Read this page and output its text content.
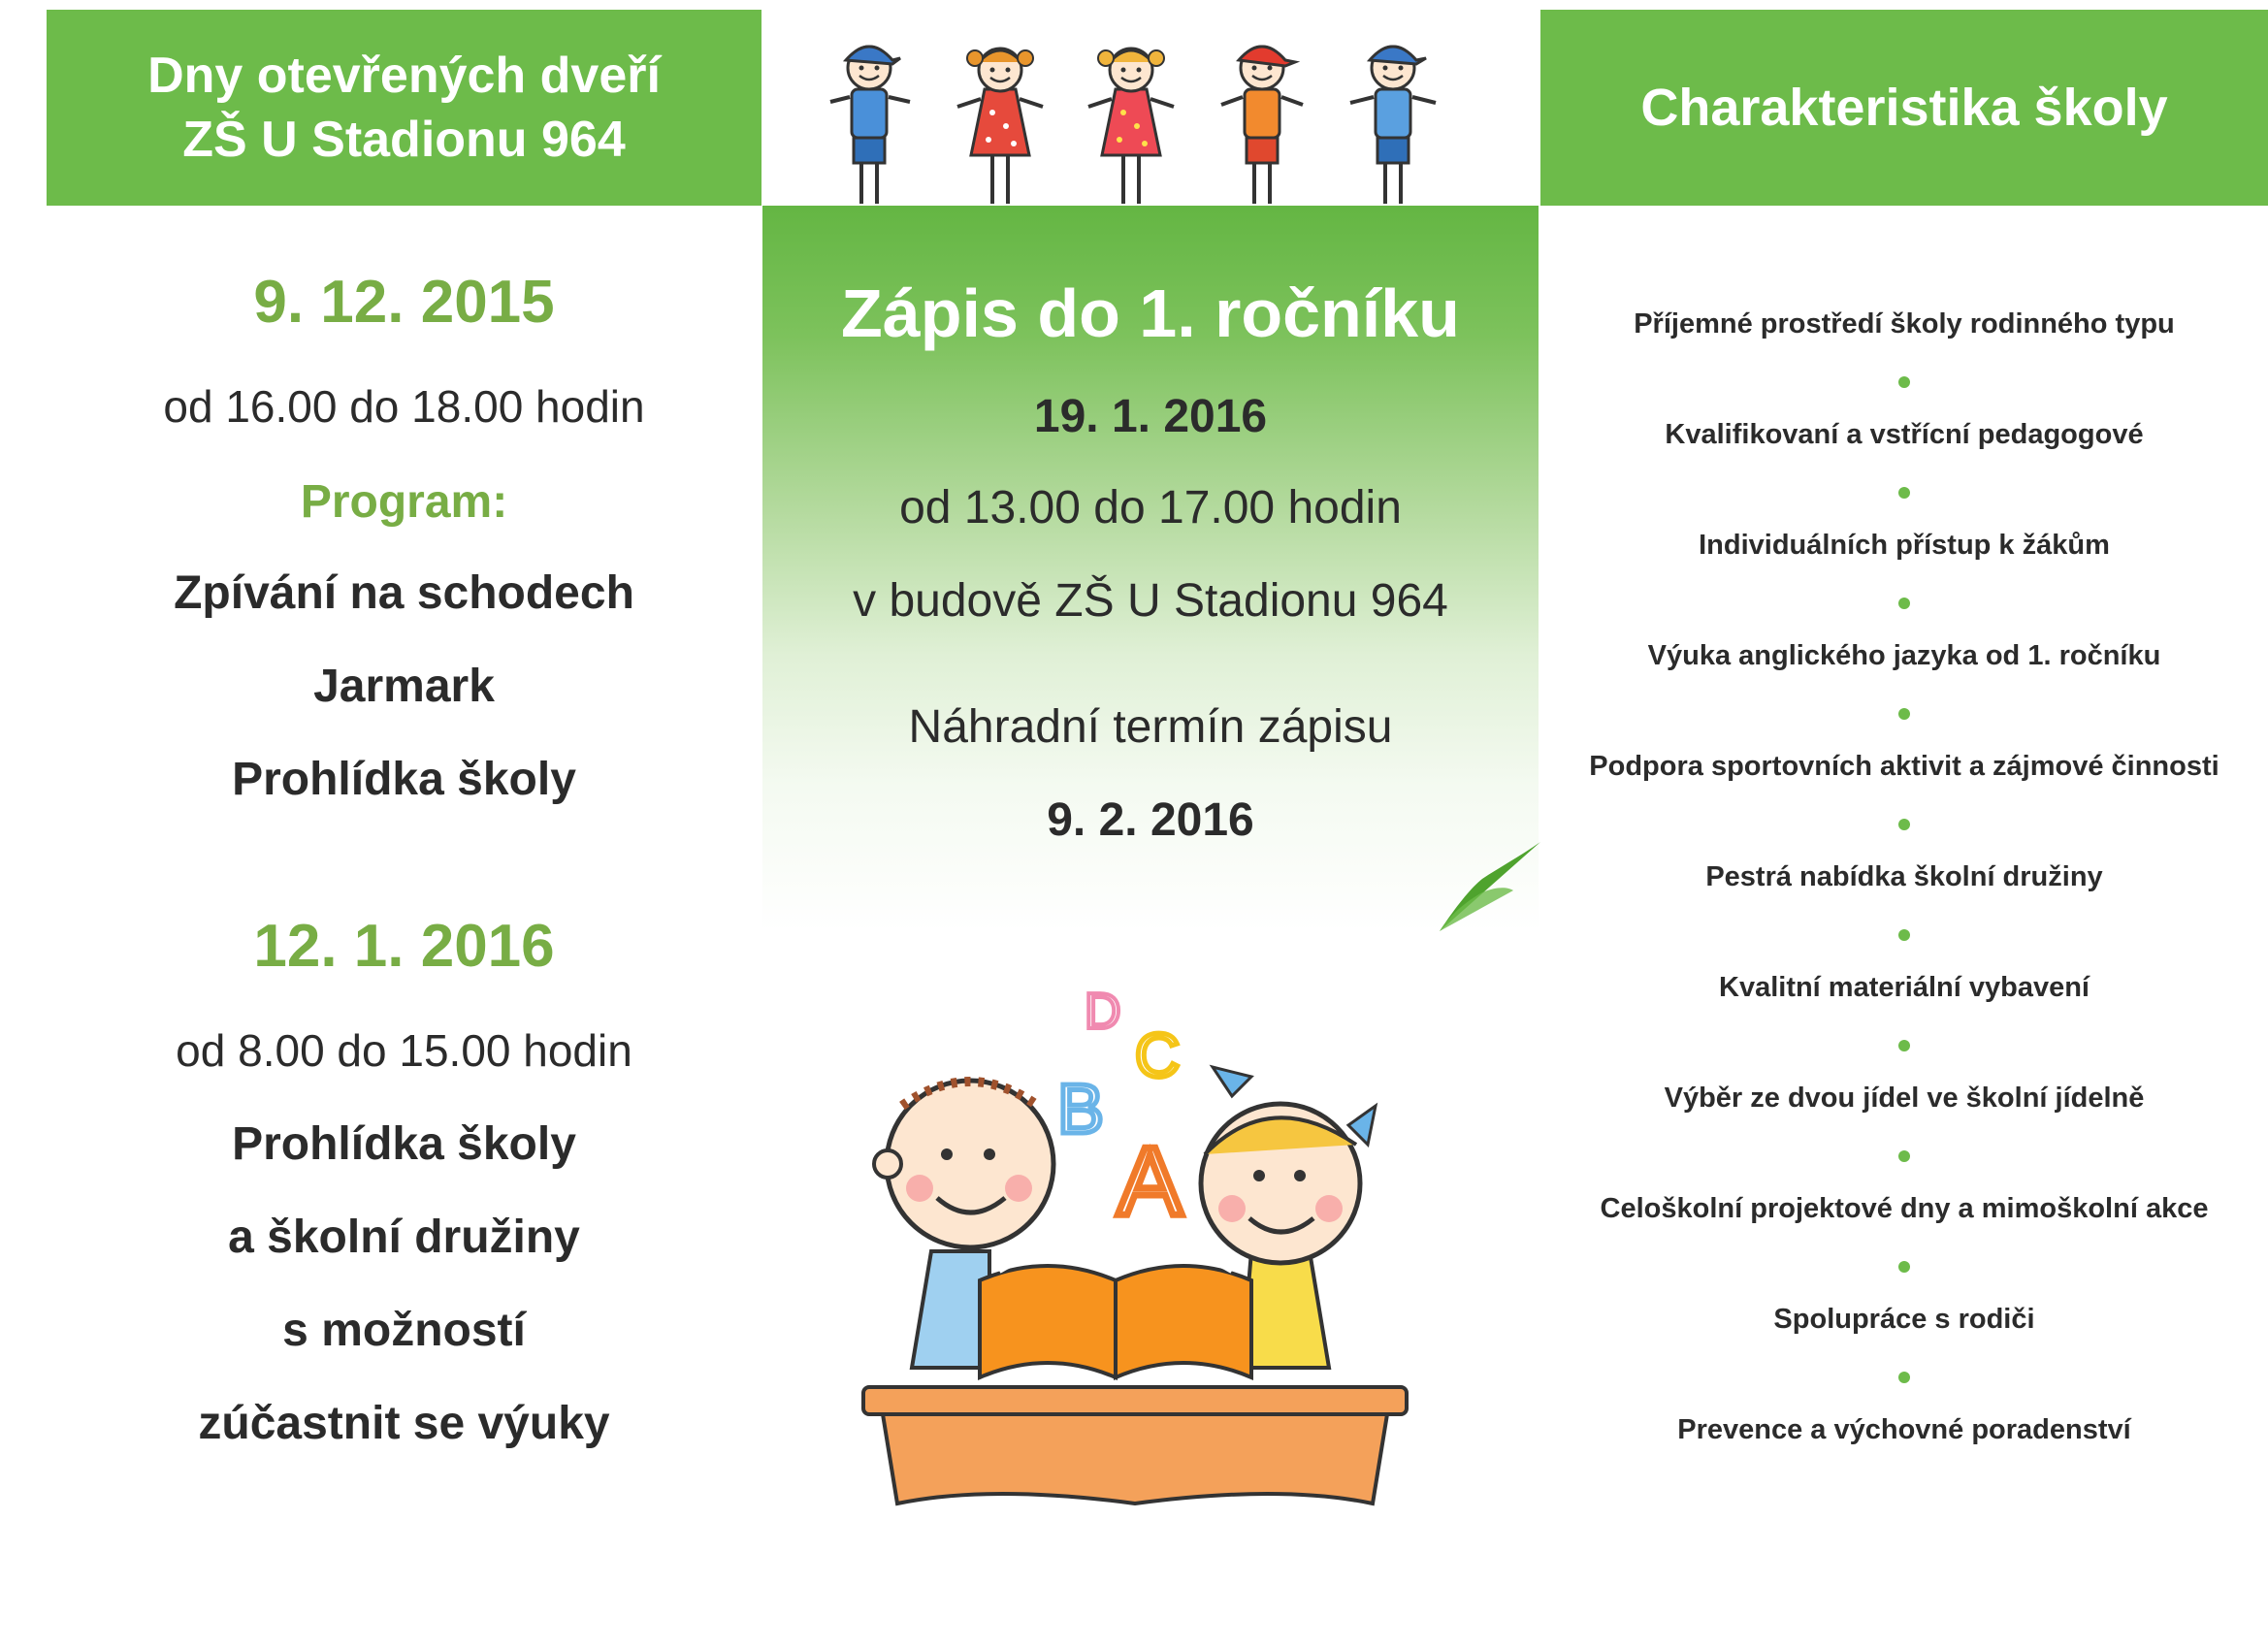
Dny otevřených dveří
ZŠ U Stadionu 964
Charakteristika školy
Zápis do 1. ročníku
19. 1. 2016
od 13.00 do 17.00 hodin
v budově ZŠ U Stadionu 964
Náhradní termín zápisu
9. 2. 2016
9. 12. 2015
od 16.00 do 18.00 hodin
Program:
Zpívání na schodech
Jarmark
Prohlídka školy
12. 1. 2016
od 8.00 do 15.00 hodin
Prohlídka školy
a školní družiny
s možností
zúčastnit se výuky
Příjemné prostředí školy rodinného typu
Kvalifikovaní a vstřícní pedagogové
Individuálních přístup k žákům
Výuka anglického jazyka od 1. ročníku
Podpora sportovních aktivit a zájmové činnosti
Pestrá nabídka školní družiny
Kvalitní materiální vybavení
Výběr ze dvou jídel ve školní jídelně
Celoškolní projektové dny a mimoškolní akce
Spolupráce s rodiči
Prevence a výchovné poradenství
D
C
B
A
